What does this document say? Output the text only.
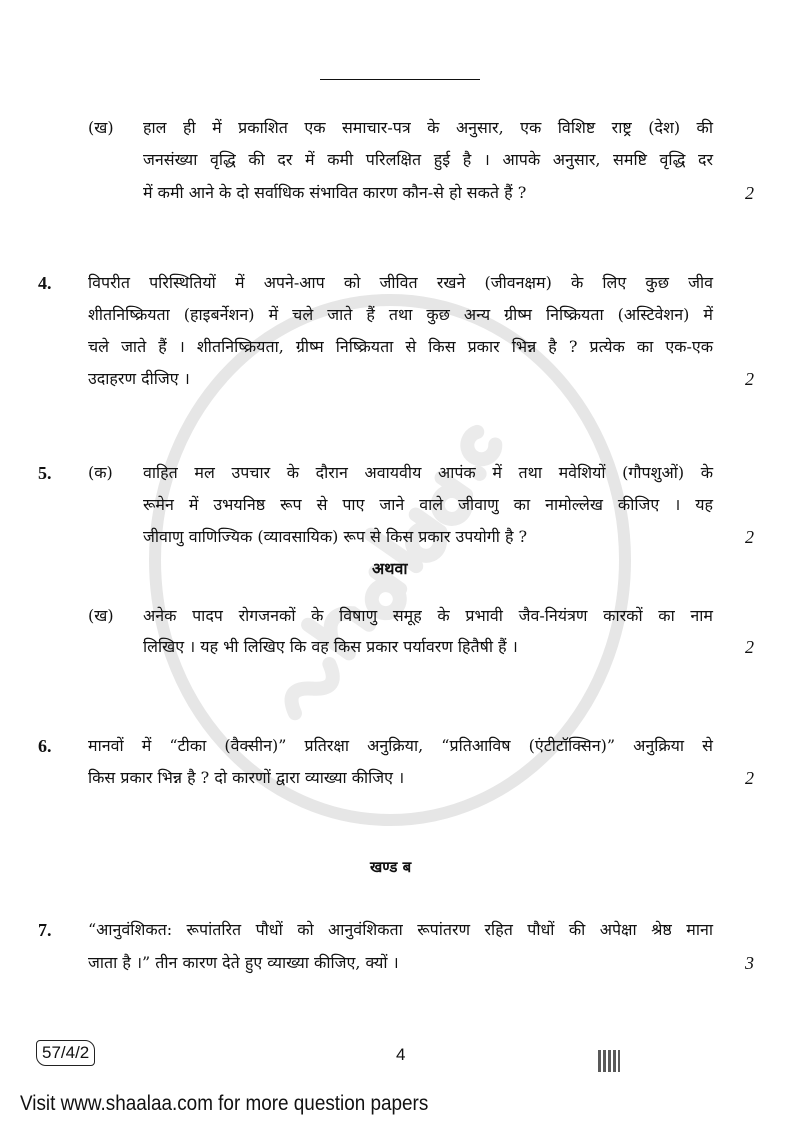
(ख) हाल ही में प्रकाशित एक समाचार-पत्र के अनुसार, एक विशिष्ट राष्ट्र (देश) की
जनसंख्या वृद्धि की दर में कमी परिलक्षित हुई है । आपके अनुसार, समष्टि वृद्धि दर
में कमी आने के दो सर्वाधिक संभावित कारण कौन-से हो सकते हैं ?	2
4. विपरीत परिस्थितियों में अपने-आप को जीवित रखने (जीवनक्षम) के लिए कुछ जीव
शीतनिष्क्रियता (हाइबर्नेशन) में चले जाते हैं तथा कुछ अन्य ग्रीष्म निष्क्रियता (अस्टिवेशन) में
चले जाते हैं । शीतनिष्क्रियता, ग्रीष्म निष्क्रियता से किस प्रकार भिन्न है ? प्रत्येक का एक-एक
उदाहरण दीजिए ।	2
5. (क) वाहित मल उपचार के दौरान अवायवीय आपंक में तथा मवेशियों (गौपशुओं) के
रूमेन में उभयनिष्ठ रूप से पाए जाने वाले जीवाणु का नामोल्लेख कीजिए । यह
जीवाणु वाणिज्यिक (व्यावसायिक) रूप से किस प्रकार उपयोगी है ?	2
अथवा
(ख) अनेक पादप रोगजनकों के विषाणु समूह के प्रभावी जैव-नियंत्रण कारकों का नाम
लिखिए । यह भी लिखिए कि वह किस प्रकार पर्यावरण हितैषी हैं ।	2
6. मानवों में “टीका (वैक्सीन)” प्रतिरक्षा अनुक्रिया, “प्रतिआविष (एंटीटॉक्सिन)” अनुक्रिया से
किस प्रकार भिन्न है ? दो कारणों द्वारा व्याख्या कीजिए ।	2
खण्ड ब
7. “आनुवंशिकत: रूपांतरित पौधों को आनुवंशिकता रूपांतरण रहित पौधों की अपेक्षा श्रेष्ठ माना
जाता है ।” तीन कारण देते हुए व्याख्या कीजिए, क्यों ।	3
57/4/2	4
Visit www.shaalaa.com for more question papers
